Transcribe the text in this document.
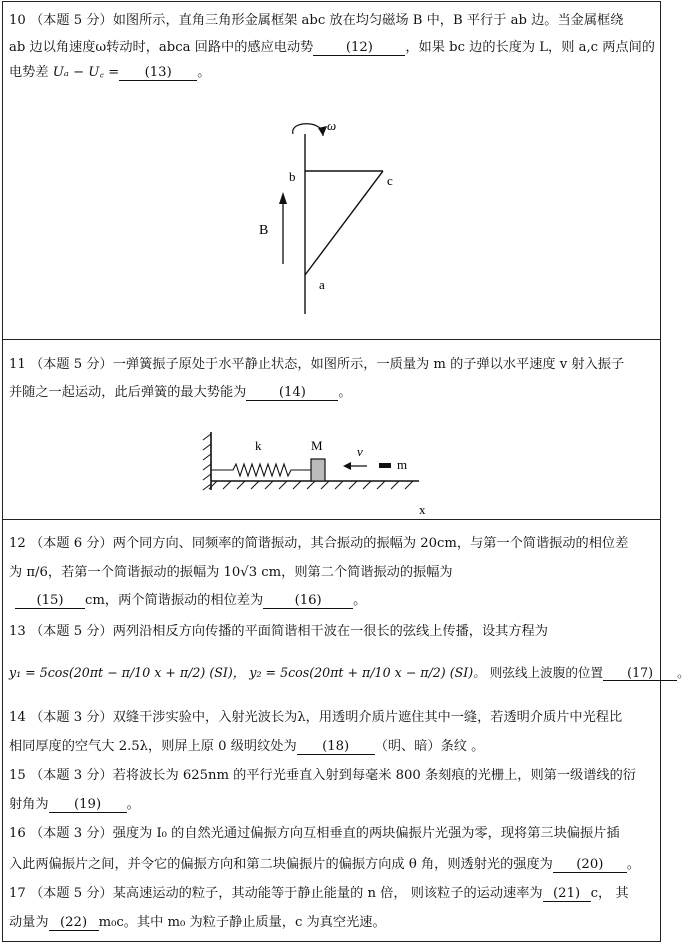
10 （本题 5 分）如图所示，直角三角形金属框架 abc 放在均匀磁场 B 中，B 平行于 ab 边。当金属框绕
ab 边以角速度ω转动时，abca 回路中的感应电动势 (12) ，如果 bc 边的长度为 L，则 a,c 两点间的
电势差 Uₐ − U꜀ = (13) 。
ω
b	c
a
B
11 （本题 5 分）一弹簧振子原处于水平静止状态，如图所示，一质量为 m 的子弹以水平速度 v 射入振子
并随之一起运动，此后弹簧的最大势能为 (14) 。
k	M	v
m
x
12 （本题 6 分）两个同方向、同频率的简谐振动，其合振动的振幅为 20cm，与第一个简谐振动的相位差
为 π/6，若第一个简谐振动的振幅为 10√3 cm，则第二个简谐振动的振幅为
(15) cm，两个简谐振动的相位差为 (16) 。
13 （本题 5 分）两列沿相反方向传播的平面简谐相干波在一很长的弦线上传播，设其方程为
y₁ = 5cos(20πt − π/10 x + π/2) (SI)， y₂ = 5cos(20πt + π/10 x − π/2) (SI)。 则弦线上波腹的位置 (17) 。
14 （本题 3 分）双缝干涉实验中，入射光波长为λ，用透明介质片遮住其中一缝，若透明介质片中光程比
相同厚度的空气大 2.5λ，则屏上原 0 级明纹处为 (18) （明、暗）条纹 。
15 （本题 3 分）若将波长为 625nm 的平行光垂直入射到每毫米 800 条刻痕的光栅上，则第一级谱线的衍
射角为 (19) 。
16 （本题 3 分）强度为 I₀ 的自然光通过偏振方向互相垂直的两块偏振片光强为零，现将第三块偏振片插
入此两偏振片之间，并令它的偏振方向和第二块偏振片的偏振方向成 θ 角，则透射光的强度为 (20) 。
17 （本题 5 分）某高速运动的粒子，其动能等于静止能量的 n 倍， 则该粒子的运动速率为 (21) c， 其
动量为 (22) m₀c。其中 m₀ 为粒子静止质量，c 为真空光速。
